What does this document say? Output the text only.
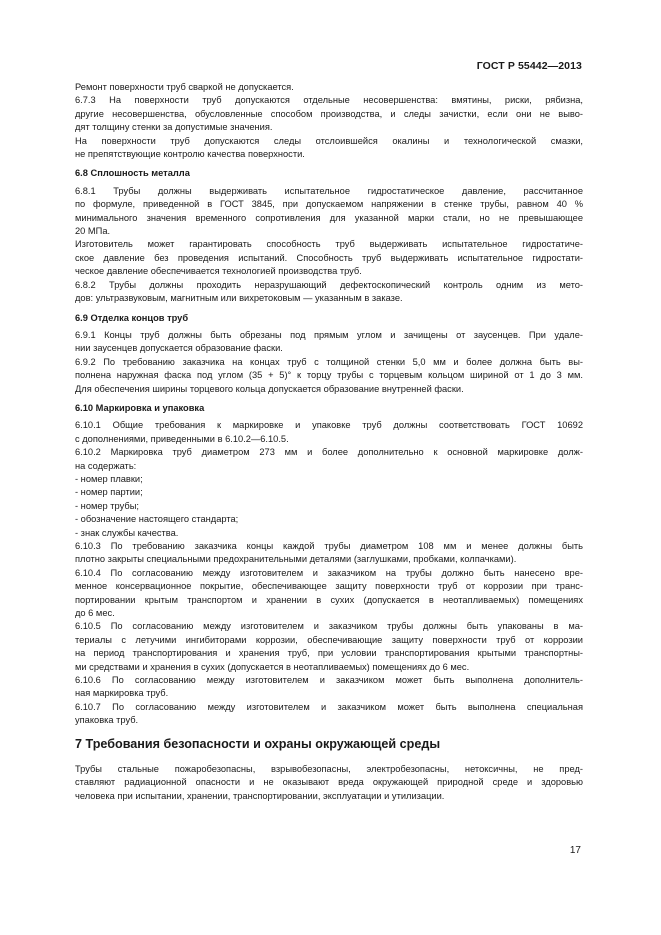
ГОСТ Р 55442—2013
Ремонт поверхности труб сваркой не допускается.
6.7.3 На поверхности труб допускаются отдельные несовершенства: вмятины, риски, рябизна,
другие несовершенства, обусловленные способом производства, и следы зачистки, если они не выво-
дят толщину стенки за допустимые значения.
На поверхности труб допускаются следы отслоившейся окалины и технологической смазки,
не препятствующие контролю качества поверхности.
6.8 Сплошность металла
6.8.1 Трубы должны выдерживать испытательное гидростатическое давление, рассчитанное
по формуле, приведенной в ГОСТ 3845, при допускаемом напряжении в стенке трубы, равном 40 %
минимального значения временного сопротивления для указанной марки стали, но не превышающее
20 МПа.
Изготовитель может гарантировать способность труб выдерживать испытательное гидростатиче-
ское давление без проведения испытаний. Способность труб выдерживать испытательное гидростати-
ческое давление обеспечивается технологией производства труб.
6.8.2 Трубы должны проходить неразрушающий дефектоскопический контроль одним из мето-
дов: ультразвуковым, магнитным или вихретоковым — указанным в заказе.
6.9 Отделка концов труб
6.9.1 Концы труб должны быть обрезаны под прямым углом и зачищены от заусенцев. При удале-
нии заусенцев допускается образование фаски.
6.9.2 По требованию заказчика на концах труб с толщиной стенки 5,0 мм и более должна быть вы-
полнена наружная фаска под углом (35 + 5)° к торцу трубы с торцевым кольцом шириной от 1 до 3 мм.
Для обеспечения ширины торцевого кольца допускается образование внутренней фаски.
6.10 Маркировка и упаковка
6.10.1 Общие требования к маркировке и упаковке труб должны соответствовать ГОСТ 10692
с дополнениями, приведенными в 6.10.2—6.10.5.
6.10.2 Маркировка труб диаметром 273 мм и более дополнительно к основной маркировке долж-
на содержать:
- номер плавки;
- номер партии;
- номер трубы;
- обозначение настоящего стандарта;
- знак службы качества.
6.10.3 По требованию заказчика концы каждой трубы диаметром 108 мм и менее должны быть
плотно закрыты специальными предохранительными деталями (заглушками, пробками, колпачками).
6.10.4 По согласованию между изготовителем и заказчиком на трубы должно быть нанесено вре-
менное консервационное покрытие, обеспечивающее защиту поверхности труб от коррозии при транс-
портировании крытым транспортом и хранении в сухих (допускается в неотапливаемых) помещениях
до 6 мес.
6.10.5 По согласованию между изготовителем и заказчиком трубы должны быть упакованы в ма-
териалы с летучими ингибиторами коррозии, обеспечивающие защиту поверхности труб от коррозии
на период транспортирования и хранения труб, при условии транспортирования крытыми транспортны-
ми средствами и хранения в сухих (допускается в неотапливаемых) помещениях до 6 мес.
6.10.6 По согласованию между изготовителем и заказчиком может быть выполнена дополнитель-
ная маркировка труб.
6.10.7 По согласованию между изготовителем и заказчиком может быть выполнена специальная
упаковка труб.
7 Требования безопасности и охраны окружающей среды
Трубы стальные пожаробезопасны, взрывобезопасны, электробезопасны, нетоксичны, не пред-
ставляют радиационной опасности и не оказывают вреда окружающей природной среде и здоровью
человека при испытании, хранении, транспортировании, эксплуатации и утилизации.
17
